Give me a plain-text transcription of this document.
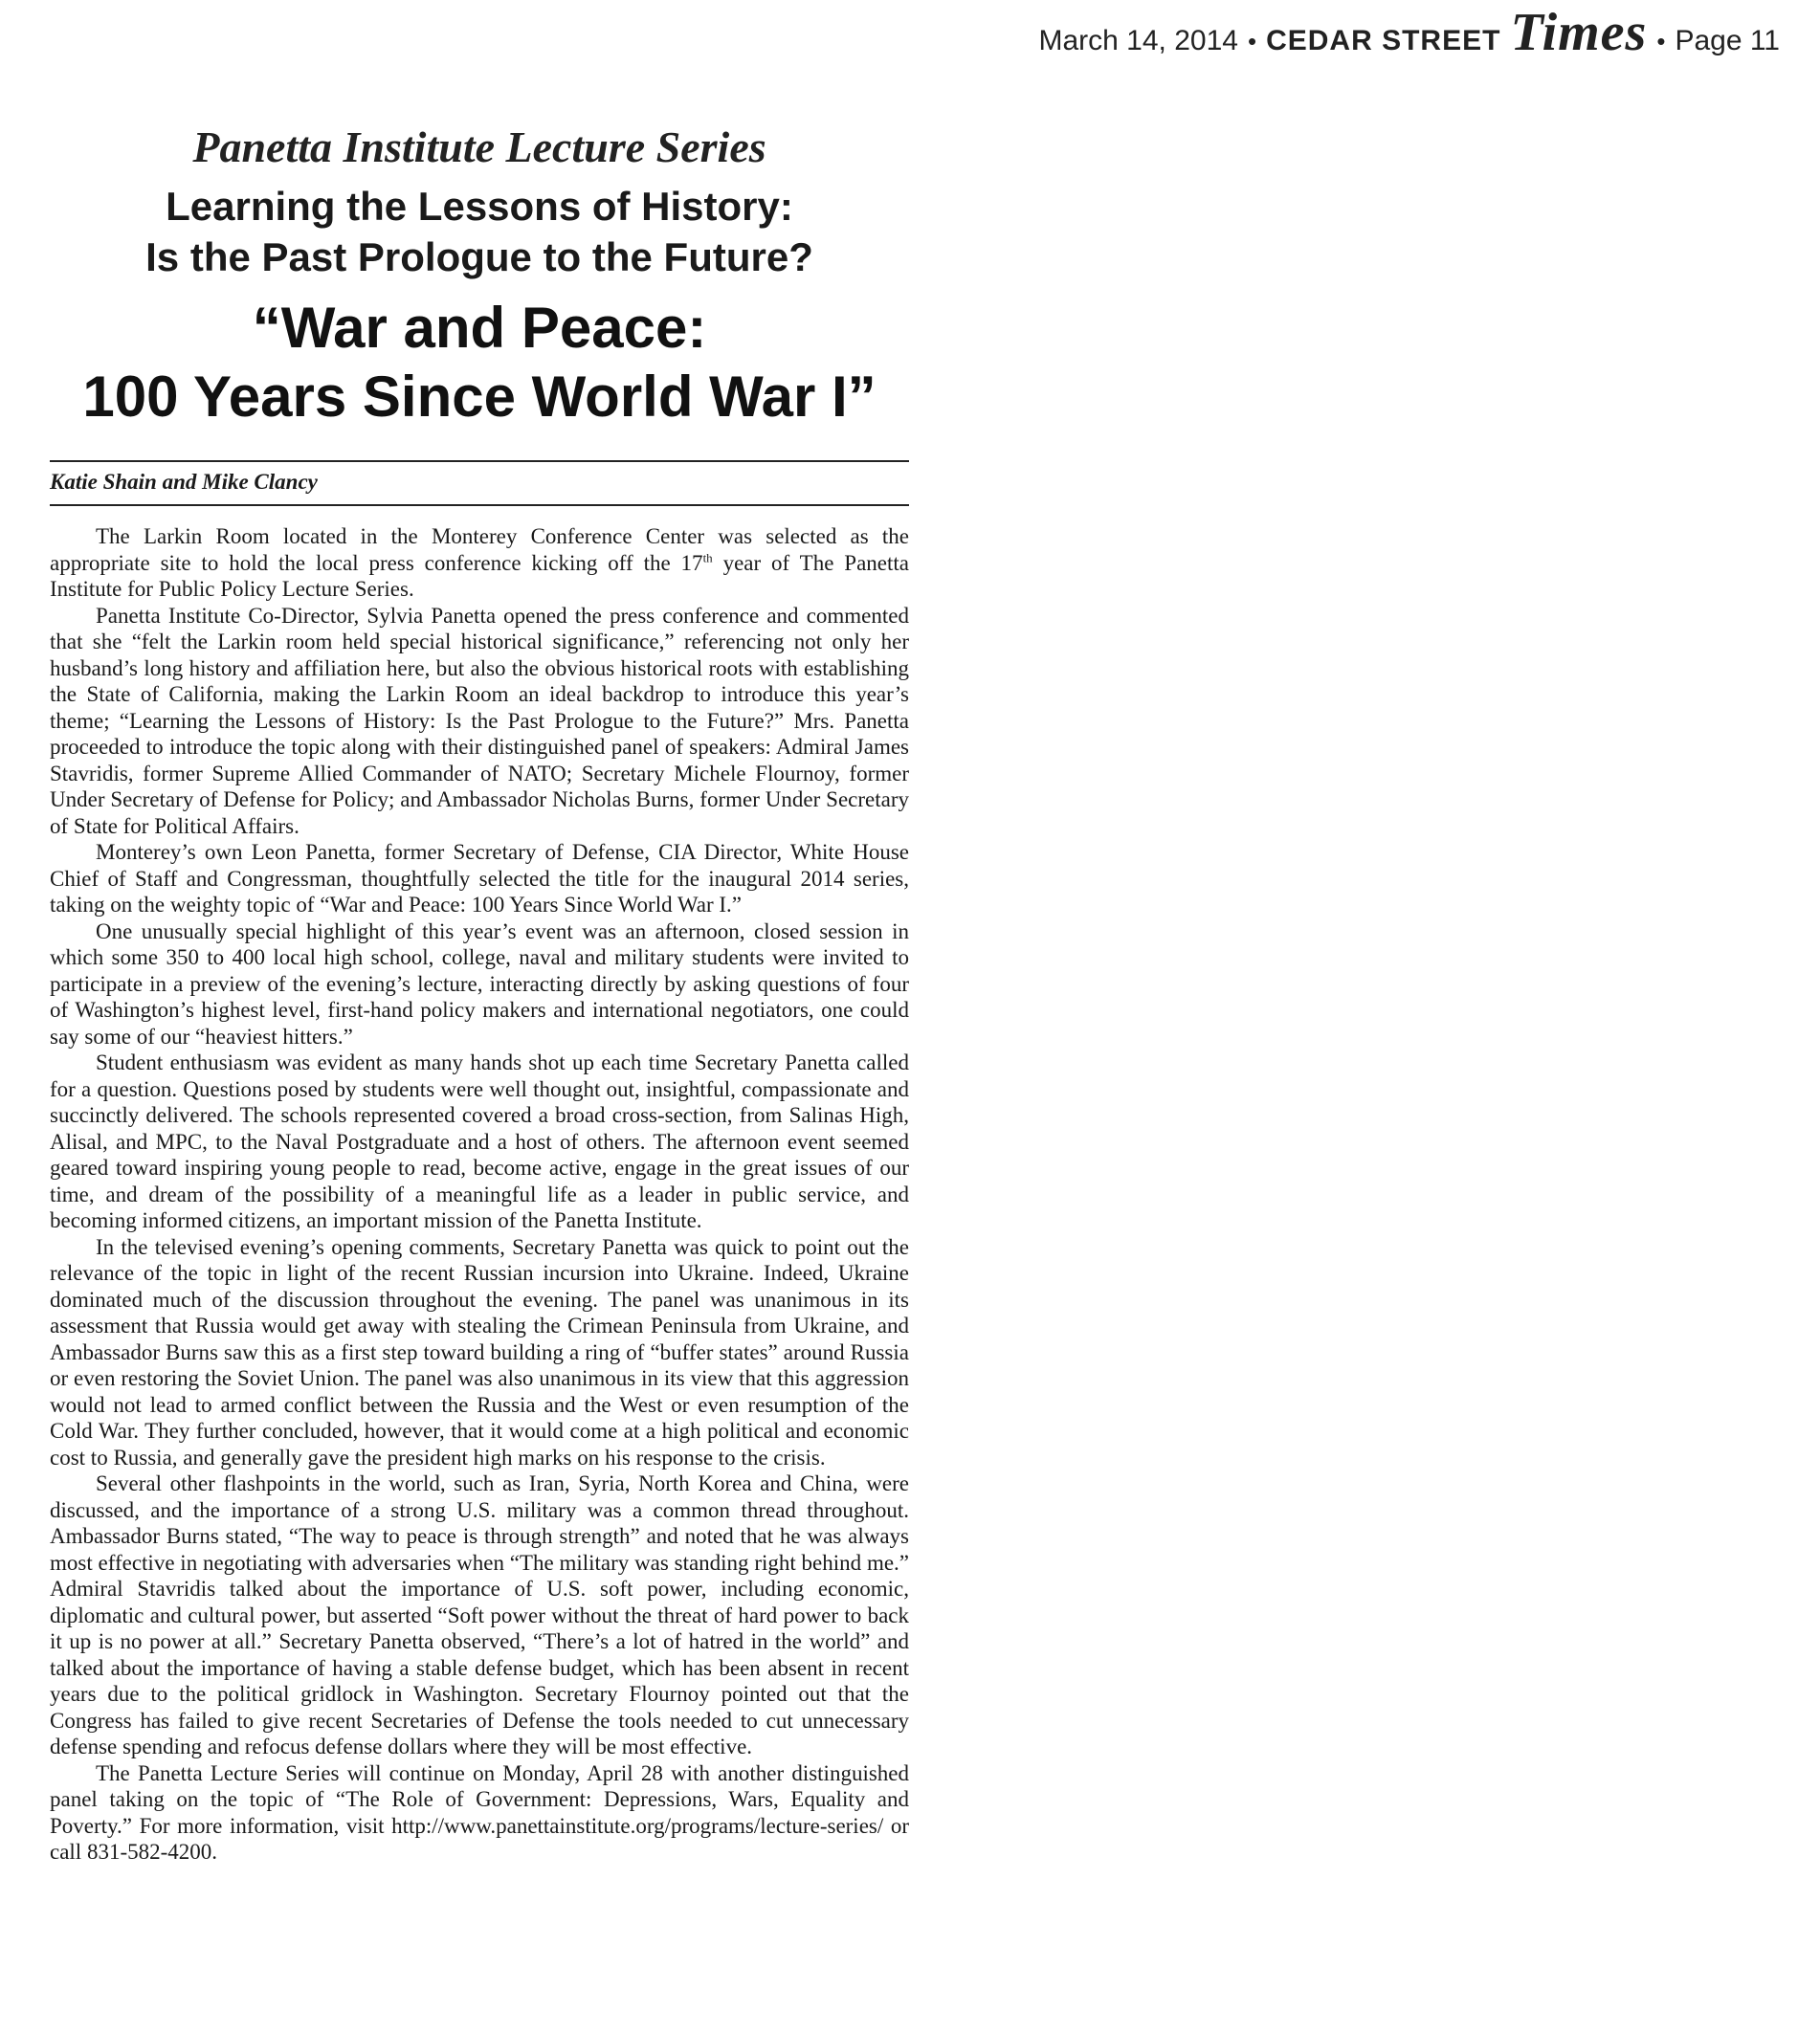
March 14, 2014 • CEDAR STREET Times • Page 11
Panetta Institute Lecture Series
Learning the Lessons of History:
Is the Past Prologue to the Future?
“War and Peace:
100 Years Since World War I”
Katie Shain and Mike Clancy

The Larkin Room located in the Monterey Conference Center was selected as the appropriate site to hold the local press conference kicking off the 17th year of The Panetta Institute for Public Policy Lecture Series.

Panetta Institute Co-Director, Sylvia Panetta opened the press conference and commented that she “felt the Larkin room held special historical significance,” referencing not only her husband’s long history and affiliation here, but also the obvious historical roots with establishing the State of California, making the Larkin Room an ideal backdrop to introduce this year’s theme; “Learning the Lessons of History: Is the Past Prologue to the Future?” Mrs. Panetta proceeded to introduce the topic along with their distinguished panel of speakers: Admiral James Stavridis, former Supreme Allied Commander of NATO; Secretary Michele Flournoy, former Under Secretary of Defense for Policy; and Ambassador Nicholas Burns, former Under Secretary of State for Political Affairs.

Monterey’s own Leon Panetta, former Secretary of Defense, CIA Director, White House Chief of Staff and Congressman, thoughtfully selected the title for the inaugural 2014 series, taking on the weighty topic of “War and Peace: 100 Years Since World War I.”

One unusually special highlight of this year’s event was an afternoon, closed session in which some 350 to 400 local high school, college, naval and military students were invited to participate in a preview of the evening’s lecture, interacting directly by asking questions of four of Washington’s highest level, first-hand policy makers and international negotiators, one could say some of our “heaviest hitters.”

Student enthusiasm was evident as many hands shot up each time Secretary Panetta called for a question. Questions posed by students were well thought out, insightful, compassionate and succinctly delivered. The schools represented covered a broad cross-section, from Salinas High, Alisal, and MPC, to the Naval Postgraduate and a host of others. The afternoon event seemed geared toward inspiring young people to read, become active, engage in the great issues of our time, and dream of the possibility of a meaningful life as a leader in public service, and becoming informed citizens, an important mission of the Panetta Institute.

In the televised evening’s opening comments, Secretary Panetta was quick to point out the relevance of the topic in light of the recent Russian incursion into Ukraine. Indeed, Ukraine dominated much of the discussion throughout the evening. The panel was unanimous in its assessment that Russia would get away with stealing the Crimean Peninsula from Ukraine, and Ambassador Burns saw this as a first step toward building a ring of “buffer states” around Russia or even restoring the Soviet Union. The panel was also unanimous in its view that this aggression would not lead to armed conflict between the Russia and the West or even resumption of the Cold War. They further concluded, however, that it would come at a high political and economic cost to Russia, and generally gave the president high marks on his response to the crisis.

Several other flashpoints in the world, such as Iran, Syria, North Korea and China, were discussed, and the importance of a strong U.S. military was a common thread throughout. Ambassador Burns stated, “The way to peace is through strength” and noted that he was always most effective in negotiating with adversaries when “The military was standing right behind me.” Admiral Stavridis talked about the importance of U.S. soft power, including economic, diplomatic and cultural power, but asserted “Soft power without the threat of hard power to back it up is no power at all.” Secretary Panetta observed, “There’s a lot of hatred in the world” and talked about the importance of having a stable defense budget, which has been absent in recent years due to the political gridlock in Washington. Secretary Flournoy pointed out that the Congress has failed to give recent Secretaries of Defense the tools needed to cut unnecessary defense spending and refocus defense dollars where they will be most effective.

The Panetta Lecture Series will continue on Monday, April 28 with another distinguished panel taking on the topic of “The Role of Government: Depressions, Wars, Equality and Poverty.” For more information, visit http://www.panettainstitute.org/programs/lecture-series/ or call 831-582-4200.
